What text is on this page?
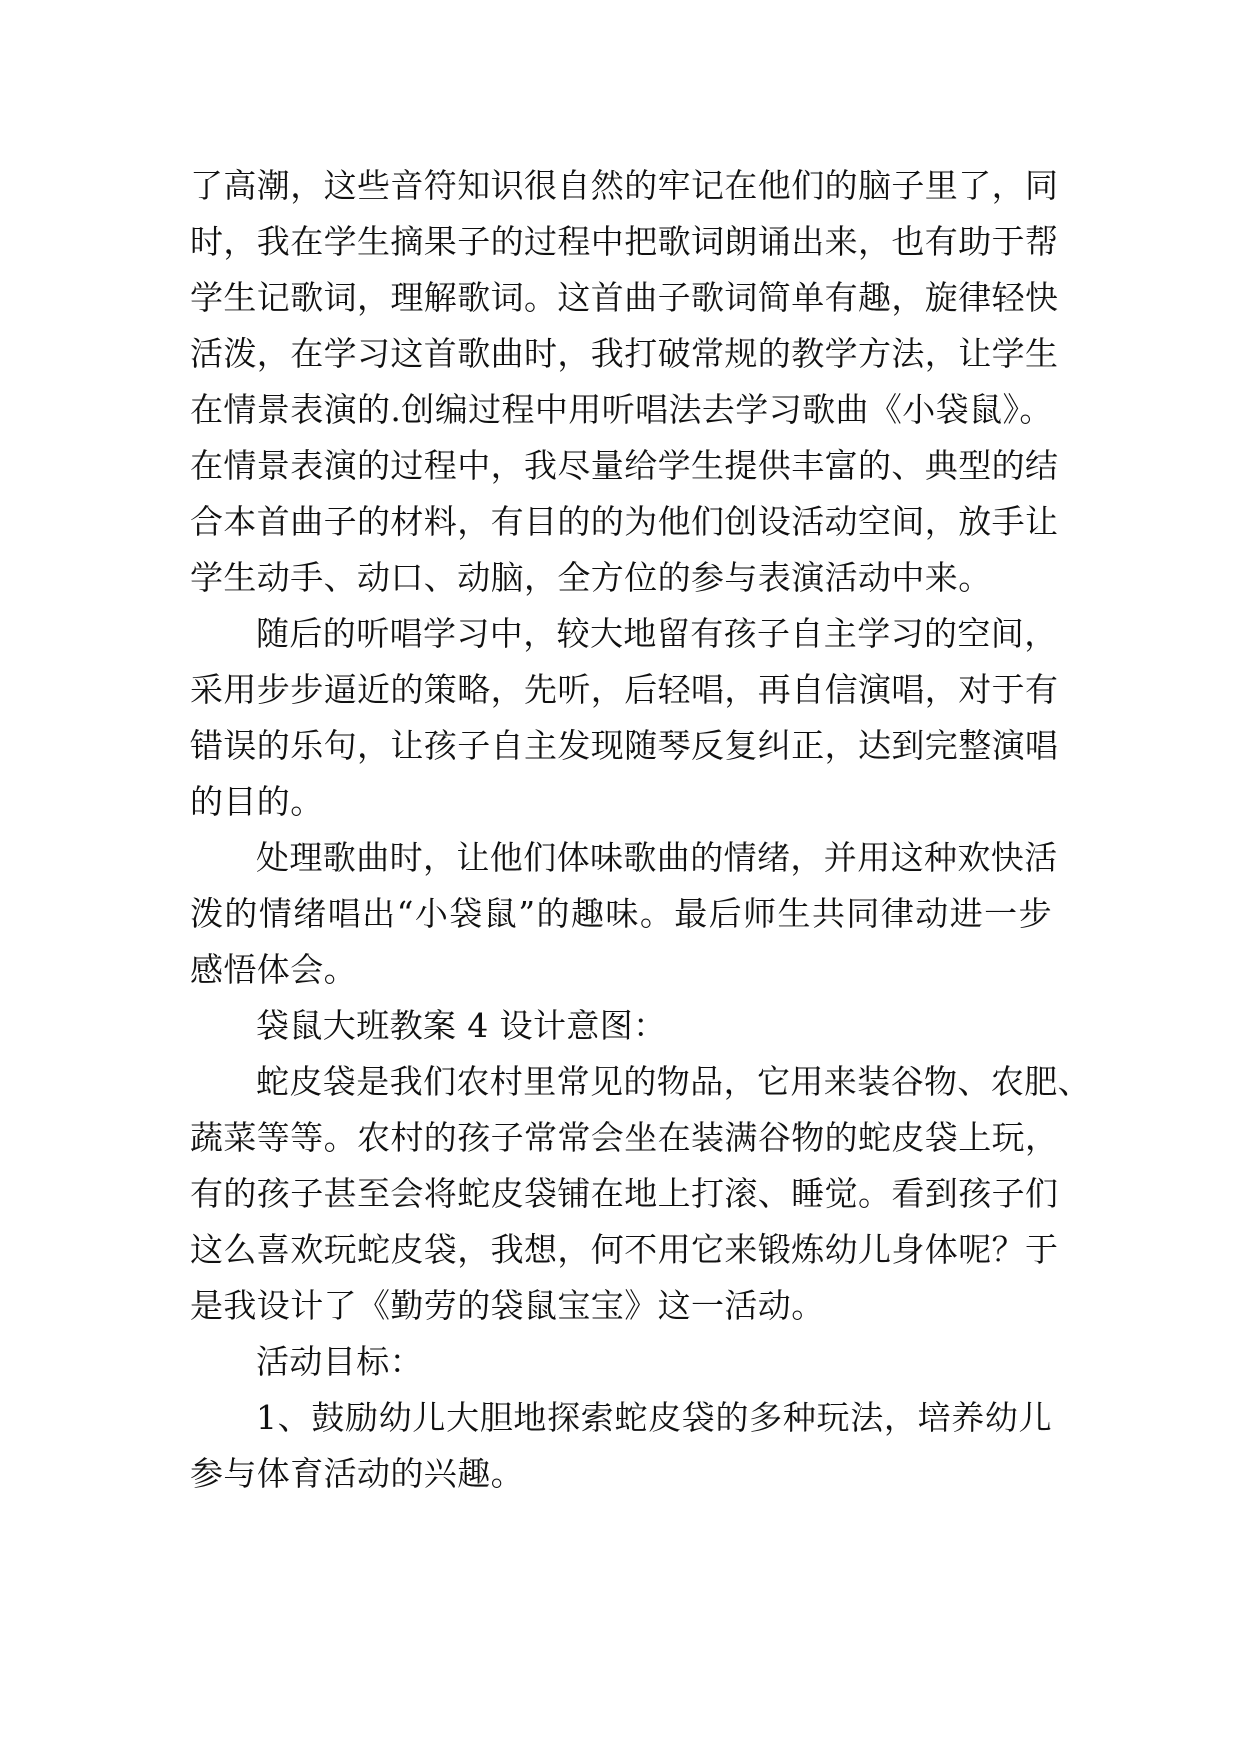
了高潮，这些音符知识很自然的牢记在他们的脑子里了，同
时，我在学生摘果子的过程中把歌词朗诵出来，也有助于帮
学生记歌词，理解歌词。这首曲子歌词简单有趣，旋律轻快
活泼，在学习这首歌曲时，我打破常规的教学方法，让学生
在情景表演的.创编过程中用听唱法去学习歌曲《小袋鼠》。
在情景表演的过程中，我尽量给学生提供丰富的、典型的结
合本首曲子的材料，有目的的为他们创设活动空间，放手让
学生动手、动口、动脑，全方位的参与表演活动中来。
随后的听唱学习中，较大地留有孩子自主学习的空间，
采用步步逼近的策略，先听，后轻唱，再自信演唱，对于有
错误的乐句，让孩子自主发现随琴反复纠正，达到完整演唱
的目的。
处理歌曲时，让他们体味歌曲的情绪，并用这种欢快活
泼的情绪唱出“小袋鼠”的趣味。最后师生共同律动进一步
感悟体会。
袋鼠大班教案 4 设计意图：
蛇皮袋是我们农村里常见的物品，它用来装谷物、农肥、
蔬菜等等。农村的孩子常常会坐在装满谷物的蛇皮袋上玩，
有的孩子甚至会将蛇皮袋铺在地上打滚、睡觉。看到孩子们
这么喜欢玩蛇皮袋，我想，何不用它来锻炼幼儿身体呢？于
是我设计了《勤劳的袋鼠宝宝》这一活动。
活动目标：
1、鼓励幼儿大胆地探索蛇皮袋的多种玩法，培养幼儿
参与体育活动的兴趣。
